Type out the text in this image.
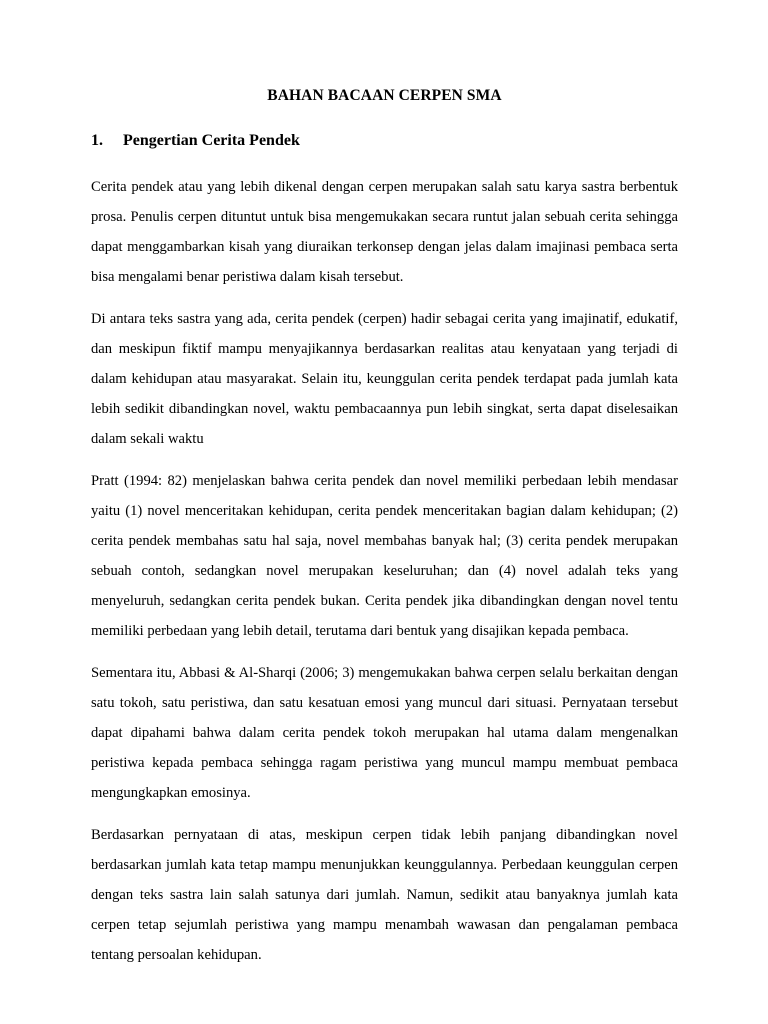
BAHAN BACAAN CERPEN SMA
1.	Pengertian Cerita Pendek

Cerita pendek atau yang lebih dikenal dengan cerpen merupakan salah satu karya sastra berbentuk prosa. Penulis cerpen dituntut untuk bisa mengemukakan secara runtut jalan sebuah cerita sehingga dapat menggambarkan kisah yang diuraikan terkonsep dengan jelas dalam imajinasi pembaca serta bisa mengalami benar peristiwa dalam kisah tersebut.

Di antara teks sastra yang ada, cerita pendek (cerpen) hadir sebagai cerita yang imajinatif, edukatif, dan meskipun fiktif mampu menyajikannya berdasarkan realitas atau kenyataan yang terjadi di dalam kehidupan atau masyarakat. Selain itu, keunggulan cerita pendek terdapat pada jumlah kata lebih sedikit dibandingkan novel, waktu pembacaannya pun lebih singkat, serta dapat diselesaikan dalam sekali waktu

Pratt (1994: 82) menjelaskan bahwa cerita pendek dan novel memiliki perbedaan lebih mendasar yaitu (1) novel menceritakan kehidupan, cerita pendek menceritakan bagian dalam kehidupan; (2) cerita pendek membahas satu hal saja, novel membahas banyak hal; (3) cerita pendek merupakan sebuah contoh, sedangkan novel merupakan keseluruhan; dan (4) novel adalah teks yang menyeluruh, sedangkan cerita pendek bukan. Cerita pendek jika dibandingkan dengan novel tentu memiliki perbedaan yang lebih detail, terutama dari bentuk yang disajikan kepada pembaca.

Sementara itu, Abbasi & Al-Sharqi (2006; 3) mengemukakan bahwa cerpen selalu berkaitan dengan satu tokoh, satu peristiwa, dan satu kesatuan emosi yang muncul dari situasi. Pernyataan tersebut dapat dipahami bahwa dalam cerita pendek tokoh merupakan hal utama dalam mengenalkan peristiwa kepada pembaca sehingga ragam peristiwa yang muncul mampu membuat pembaca mengungkapkan emosinya.

Berdasarkan pernyataan di atas, meskipun cerpen tidak lebih panjang dibandingkan novel berdasarkan jumlah kata tetap mampu menunjukkan keunggulannya. Perbedaan keunggulan cerpen dengan teks sastra lain salah satunya dari jumlah. Namun, sedikit atau banyaknya jumlah kata cerpen tetap sejumlah peristiwa yang mampu menambah wawasan dan pengalaman pembaca tentang persoalan kehidupan.
